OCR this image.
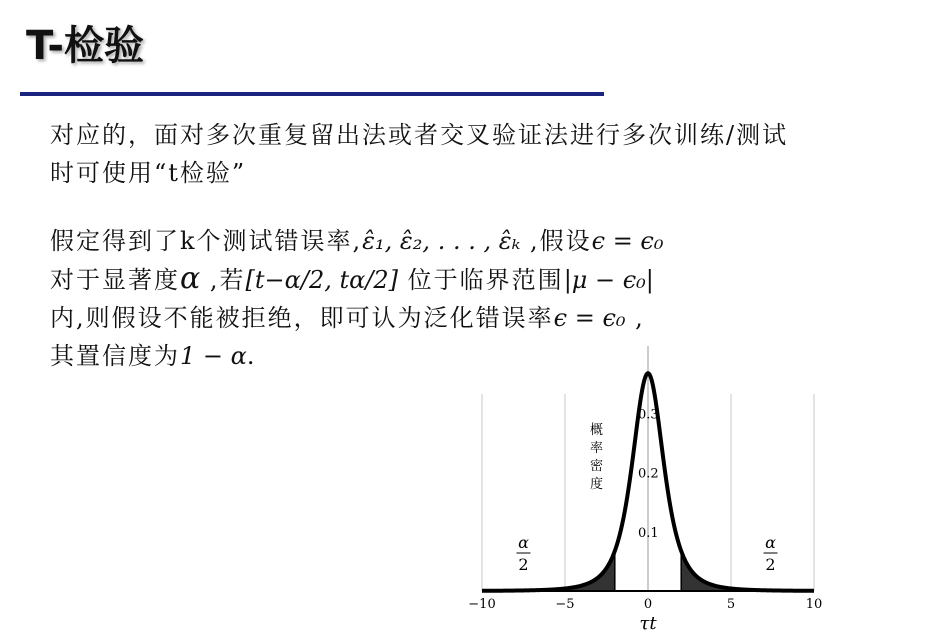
T-检验
对应的，面对多次重复留出法或者交叉验证法进行多次训练/测试
时可使用“t检验”
假定得到了k个测试错误率,ε̂₁, ε̂₂, . . . , ε̂ₖ ,假设ϵ = ϵ₀
对于显著度α ,若[t−α/2, tα/2] 位于临界范围|μ − ϵ₀|
内,则假设不能被拒绝，即可认为泛化错误率ϵ = ϵ₀ ,
其置信度为1 − α.
−10	−5	0	5	10
0.1
0.2
0.3
概率密度
τt
α
2
α
2
